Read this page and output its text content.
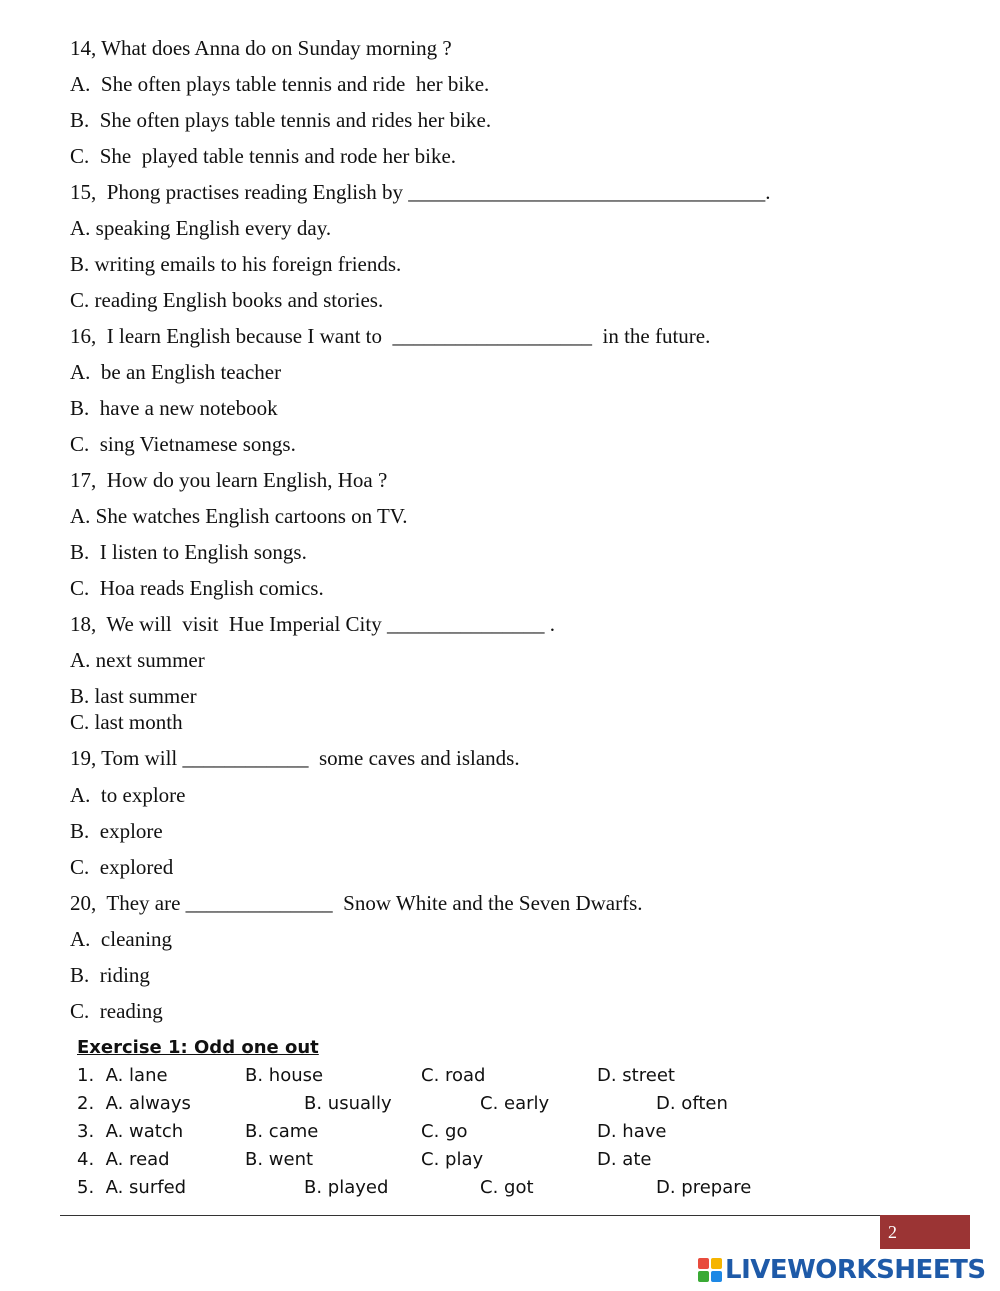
14, What does Anna do on Sunday morning ?
A.  She often plays table tennis and ride  her bike.
B.  She often plays table tennis and rides her bike.
C.  She  played table tennis and rode her bike.
15,  Phong practises reading English by __________________________________.
A. speaking English every day.
B. writing emails to his foreign friends.
C. reading English books and stories.
16,  I learn English because I want to  ___________________  in the future.
A.  be an English teacher
B.  have a new notebook
C.  sing Vietnamese songs.
17,  How do you learn English, Hoa ?
A. She watches English cartoons on TV.
B.  I listen to English songs.
C.  Hoa reads English comics.
18,  We will  visit  Hue Imperial City _______________ .
A. next summer
B. last summer
C. last month
19, Tom will ____________  some caves and islands.
A.  to explore
B.  explore
C.  explored
20,  They are ______________  Snow White and the Seven Dwarfs.
A.  cleaning
B.  riding
C.  reading
Exercise 1: Odd one out
1.  A. lane	B. house	C. road	D. street
2.  A. always	B. usually	C. early	D. often
3.  A. watch	B. came	C. go	D. have
4.  A. read	B. went	C. play	D. ate
5.  A. surfed	B. played	C. got	D. prepare
2
LIVEWORKSHEETS
